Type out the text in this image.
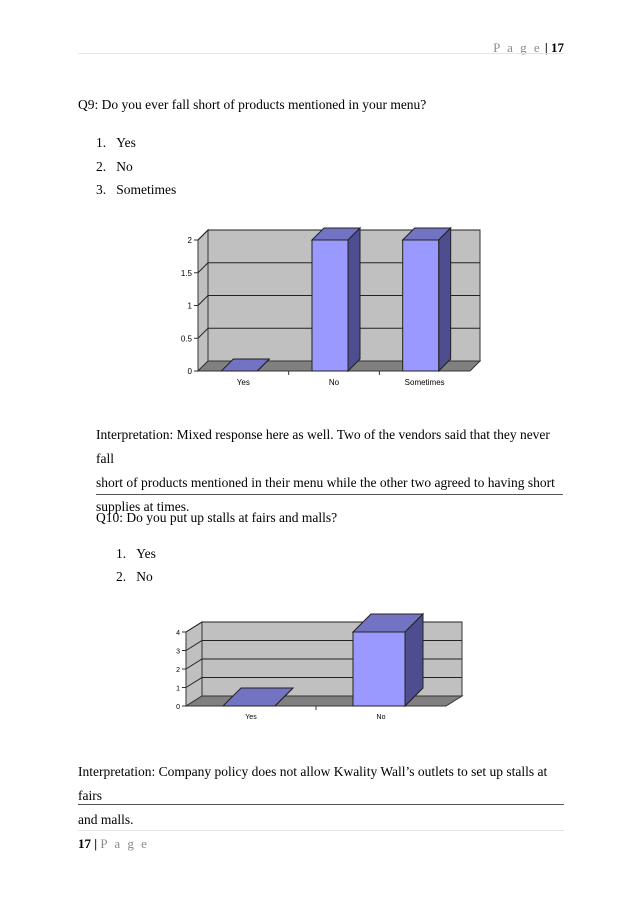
P a g e | 17
Q9: Do you ever fall short of products mentioned in your menu?
1. Yes
2. No
3. Sometimes
0
0.5
1
1.5
2
Yes	No	Sometimes
Interpretation: Mixed response here as well. Two of the vendors said that they never fall
short of products mentioned in their menu while the other two agreed to having short
supplies at times.
Q10: Do you put up stalls at fairs and malls?
1. Yes
2. No
0
1
2
3
4
Yes	No
Interpretation: Company policy does not allow Kwality Wall’s outlets to set up stalls at fairs
and malls.
17 | P a g e
